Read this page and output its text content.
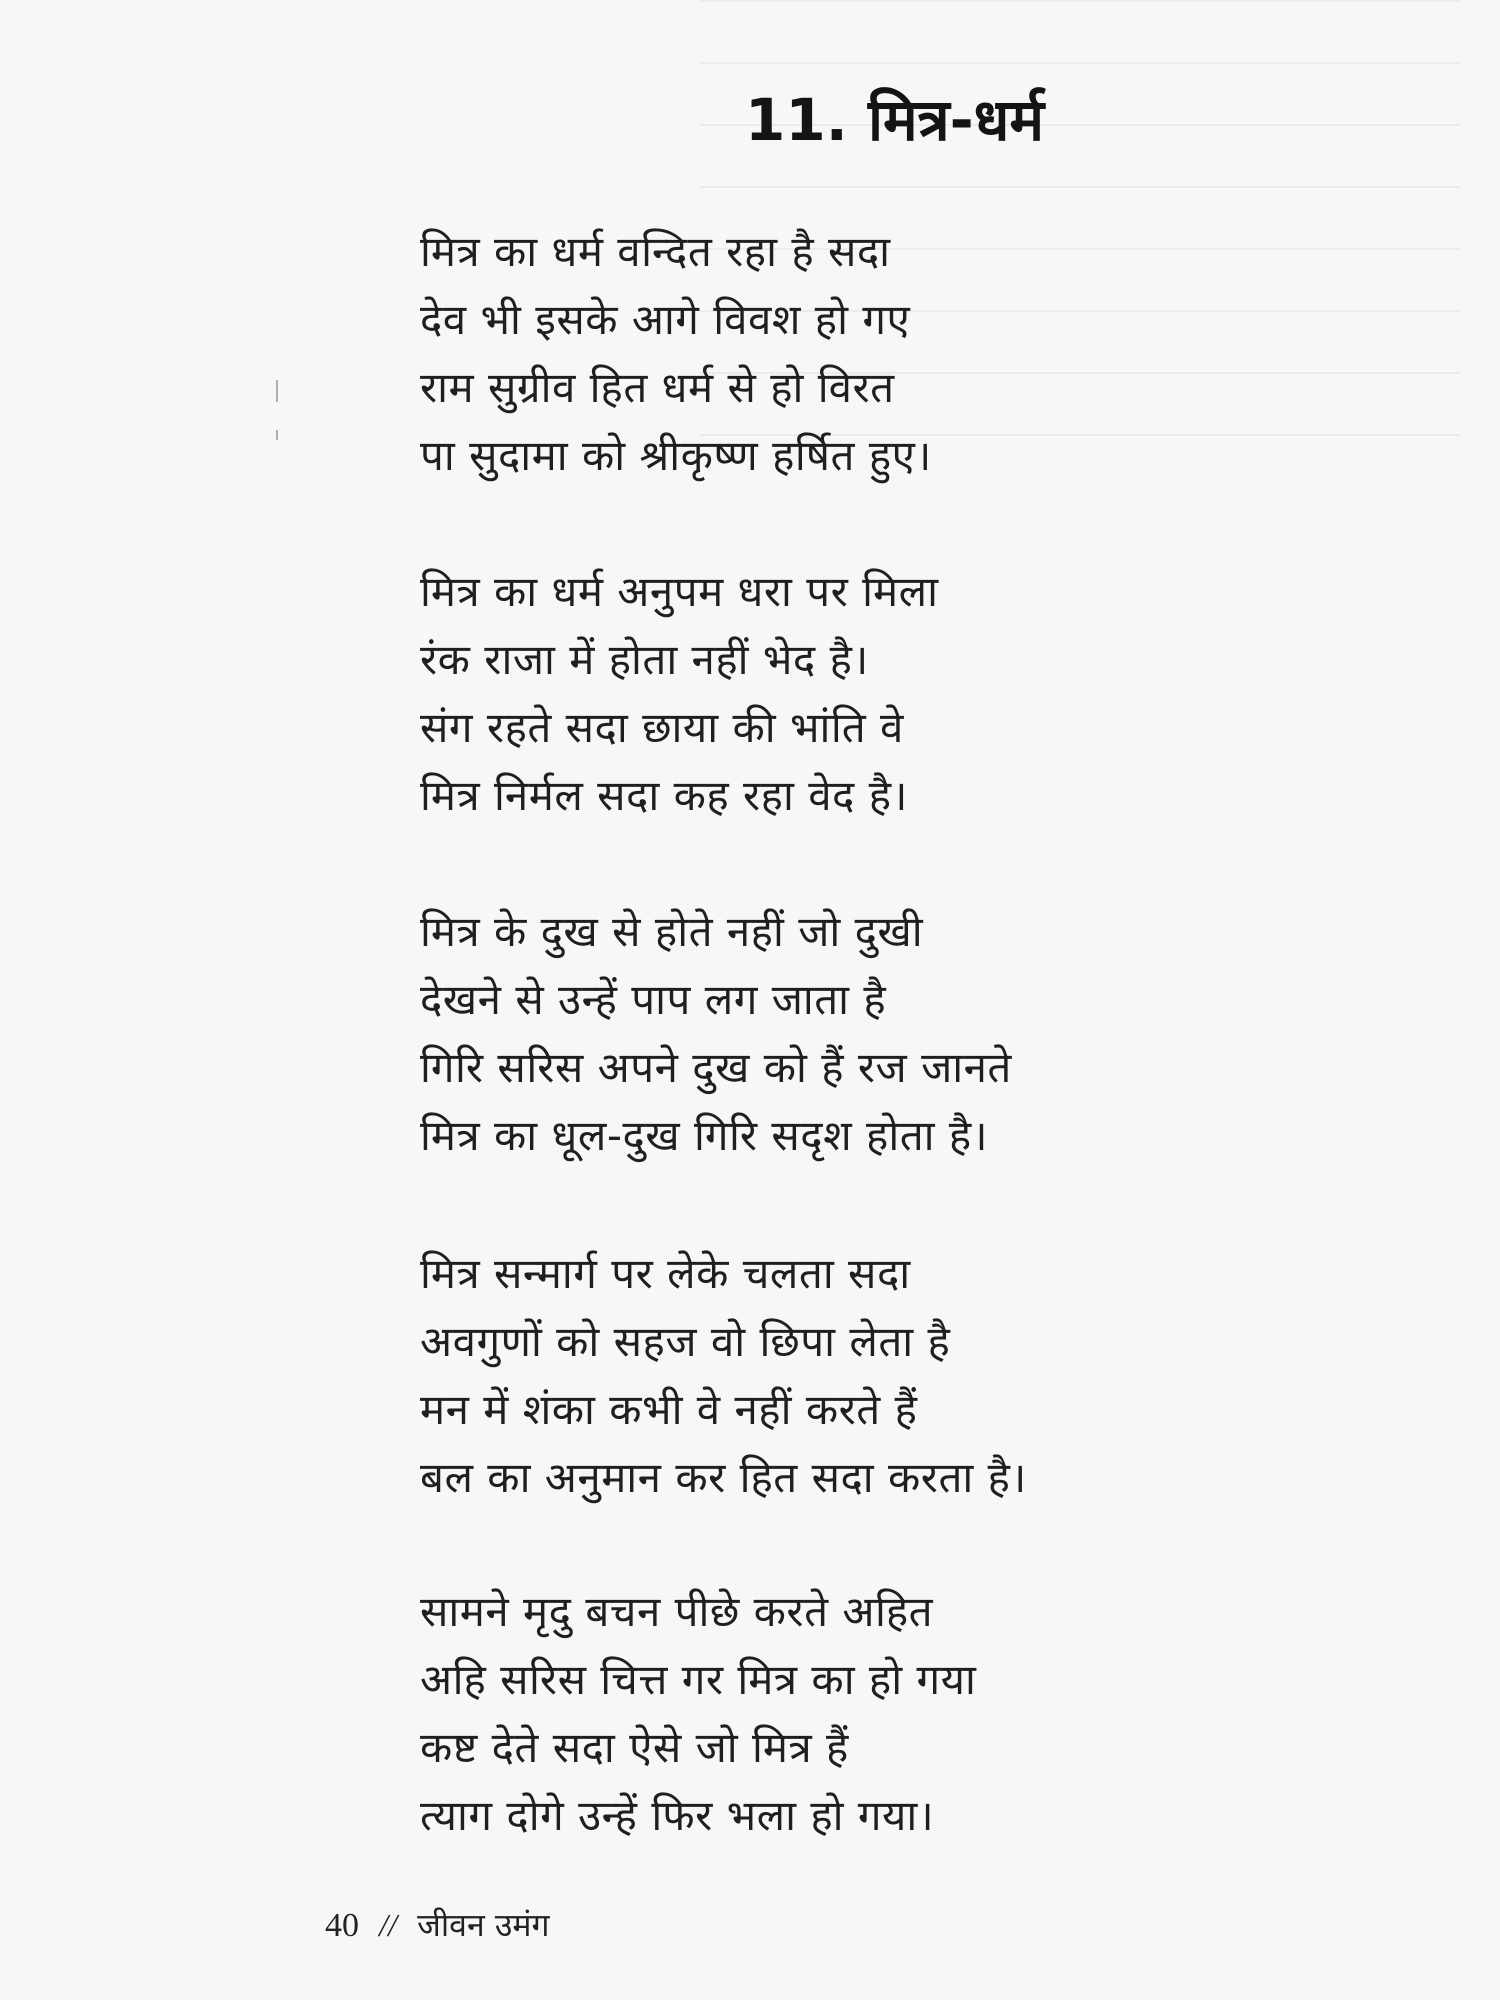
11. मित्र-धर्म
मित्र का धर्म वन्दित रहा है सदा
देव भी इसके आगे विवश हो गए
राम सुग्रीव हित धर्म से हो विरत
पा सुदामा को श्रीकृष्ण हर्षित हुए।
मित्र का धर्म अनुपम धरा पर मिला
रंक राजा में होता नहीं भेद है।
संग रहते सदा छाया की भांति वे
मित्र निर्मल सदा कह रहा वेद है।
मित्र के दुख से होते नहीं जो दुखी
देखने से उन्हें पाप लग जाता है
गिरि सरिस अपने दुख को हैं रज जानते
मित्र का धूल-दुख गिरि सदृश होता है।
मित्र सन्मार्ग पर लेके चलता सदा
अवगुणों को सहज वो छिपा लेता है
मन में शंका कभी वे नहीं करते हैं
बल का अनुमान कर हित सदा करता है।
सामने मृदु बचन पीछे करते अहित
अहि सरिस चित्त गर मित्र का हो गया
कष्ट देते सदा ऐसे जो मित्र हैं
त्याग दोगे उन्हें फिर भला हो गया।
40 // जीवन उमंग
